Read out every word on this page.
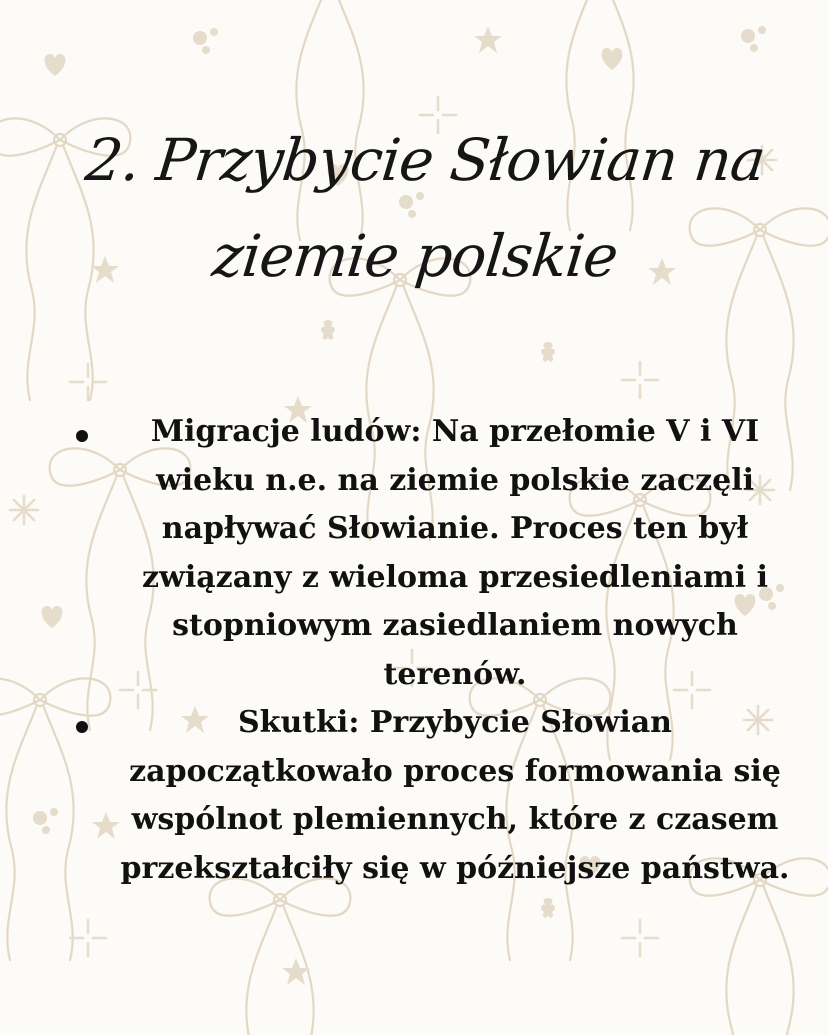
2. Przybycie Słowian na ziemie polskie
Migracje ludów: Na przełomie V i VI
wieku n.e. na ziemie polskie zaczęli
napływać Słowianie. Proces ten był
związany z wieloma przesiedleniami i
stopniowym zasiedlaniem nowych
terenów.
Skutki: Przybycie Słowian
zapoczątkowało proces formowania się
wspólnot plemiennych, które z czasem
przekształciły się w późniejsze państwa.
